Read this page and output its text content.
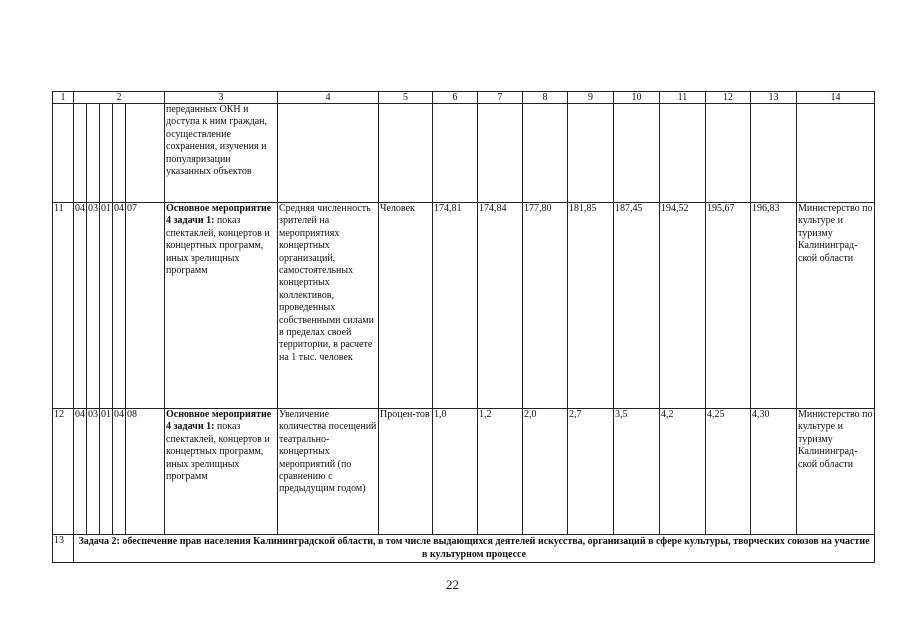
1	2					3	4	5	6	7	8	9	10	11	12	13	14
						переданных ОКН и доступа к ним граждан, осуществление сохранения, изучения и популяризации указанных объектов											
11	04	03	01	04	07	Основное мероприятие 4 задачи 1: показ спектаклей, концертов и концертных программ, иных зрелищных программ	Средняя численность зрителей на мероприятиях концертных организаций, самостоятельных концертных коллективов, проведенных собственными силами в пределах своей территории, в расчете на 1 тыс. человек	Человек	174,81	174,84	177,80	181,85	187,45	194,52	195,67	196,83	Министерство по культуре и туризму Калининград-ской области
12	04	03	01	04	08	Основное мероприятие 4 задачи 1: показ спектаклей, концертов и концертных программ, иных зрелищных программ	Увеличение количества посещений театрально-концертных мероприятий (по сравнению с предыдущим годом)	Процен-тов	1,0	1,2	2,0	2,7	3,5	4,2	4,25	4,30	Министерство по культуре и туризму Калининград-ской области
13	Задача 2: обеспечение прав населения Калининградской области, в том числе выдающихся деятелей искусства, организаций в сфере культуры, творческих союзов на участие в культурном процессе																
22
